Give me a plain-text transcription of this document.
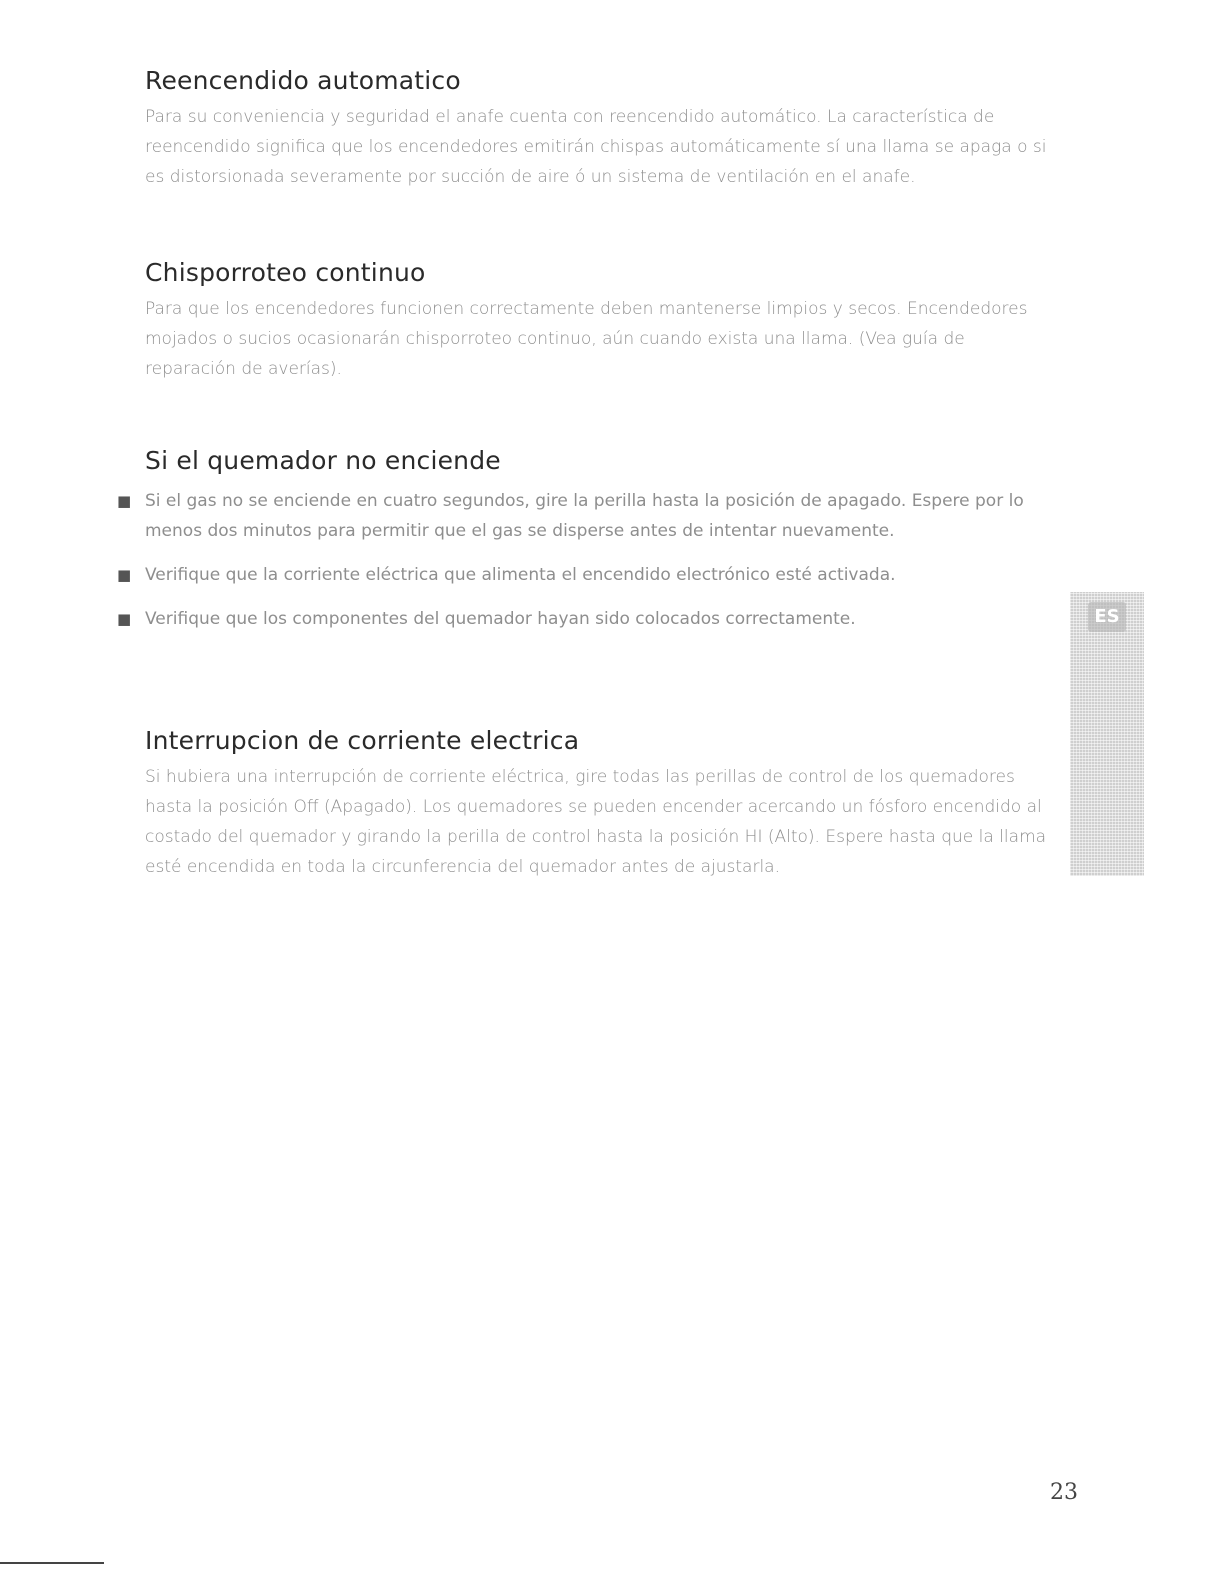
Reencendido automatico

Para su conveniencia y seguridad el anafe cuenta con reencendido automático. La característica de reencendido significa que los encendedores emitirán chispas automáticamente sí una llama se apaga o si es distorsionada severamente por succión de aire ó un sistema de ventilación en el anafe.

Chisporroteo continuo

Para que los encendedores funcionen correctamente deben mantenerse limpios y secos. Encendedores mojados o sucios ocasionarán chisporroteo continuo, aún cuando exista una llama. (Vea guía de reparación de averías).

Si el quemador no enciende
■ Si el gas no se enciende en cuatro segundos, gire la perilla hasta la posición de apagado. Espere por lo menos dos minutos para permitir que el gas se disperse antes de intentar nuevamente.
■ Verifique que la corriente eléctrica que alimenta el encendido electrónico esté activada.
■ Verifique que los componentes del quemador hayan sido colocados correctamente.
Interrupcion de corriente electrica

Si hubiera una interrupción de corriente eléctrica, gire todas las perillas de control de los quemadores hasta la posición Off (Apagado). Los quemadores se pueden encender acercando un fósforo encendido al costado del quemador y girando la perilla de control hasta la posición HI (Alto). Espere hasta que la llama esté encendida en toda la circunferencia del quemador antes de ajustarla.

ES
23
